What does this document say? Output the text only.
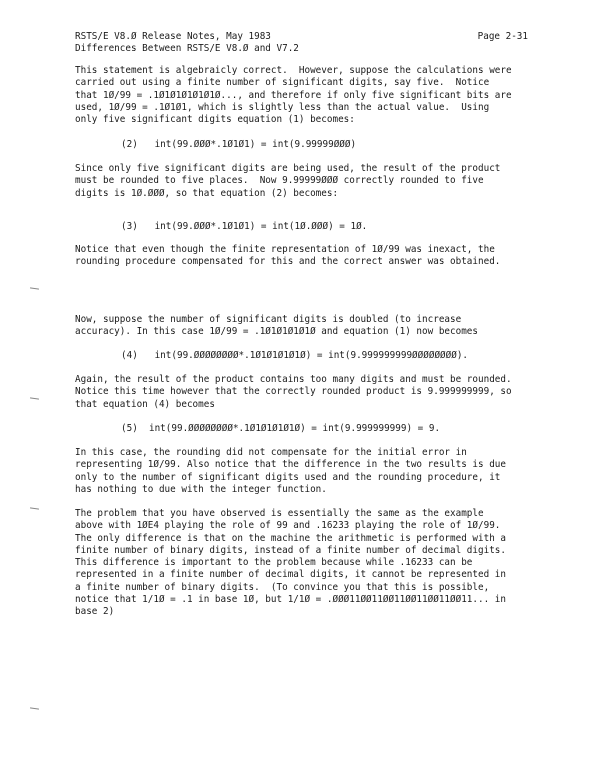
RSTS/E V8.Ø Release Notes, May 1983
Differences Between RSTS/E V8.Ø and V7.2
Page 2-31
This statement is algebraicly correct.  However, suppose the calculations were
carried out using a finite number of significant digits, say five.  Notice
that 1Ø/99 = .1Ø1Ø1Ø1Ø1Ø1Ø..., and therefore if only five significant bits are
used, 1Ø/99 = .1Ø1Ø1, which is slightly less than the actual value.  Using
only five significant digits equation (1) becomes:
(2)   int(99.ØØØ*.1Ø1Ø1) = int(9.99999ØØØ)
Since only five significant digits are being used, the result of the product
must be rounded to five places.  Now 9.99999ØØØ correctly rounded to five
digits is 1Ø.ØØØ, so that equation (2) becomes:
(3)   int(99.ØØØ*.1Ø1Ø1) = int(1Ø.ØØØ) = 1Ø.
Notice that even though the finite representation of 1Ø/99 was inexact, the
rounding procedure compensated for this and the correct answer was obtained.
Now, suppose the number of significant digits is doubled (to increase
accuracy). In this case 1Ø/99 = .1Ø1Ø1Ø1Ø1Ø and equation (1) now becomes
(4)   int(99.ØØØØØØØØ*.1Ø1Ø1Ø1Ø1Ø) = int(9.999999999ØØØØØØØØ).
Again, the result of the product contains too many digits and must be rounded.
Notice this time however that the correctly rounded product is 9.999999999, so
that equation (4) becomes
(5)  int(99.ØØØØØØØØ*.1Ø1Ø1Ø1Ø1Ø) = int(9.999999999) = 9.
In this case, the rounding did not compensate for the initial error in
representing 1Ø/99. Also notice that the difference in the two results is due
only to the number of significant digits used and the rounding procedure, it
has nothing to due with the integer function.
The problem that you have observed is essentially the same as the example
above with 1ØE4 playing the role of 99 and .16233 playing the role of 1Ø/99.
The only difference is that on the machine the arithmetic is performed with a
finite number of binary digits, instead of a finite number of decimal digits.
This difference is important to the problem because while .16233 can be
represented in a finite number of decimal digits, it cannot be represented in
a finite number of binary digits.  (To convince you that this is possible,
notice that 1/1Ø = .1 in base 1Ø, but 1/1Ø = .ØØØ11ØØ11ØØ11ØØ11ØØ11ØØ11... in
base 2)
